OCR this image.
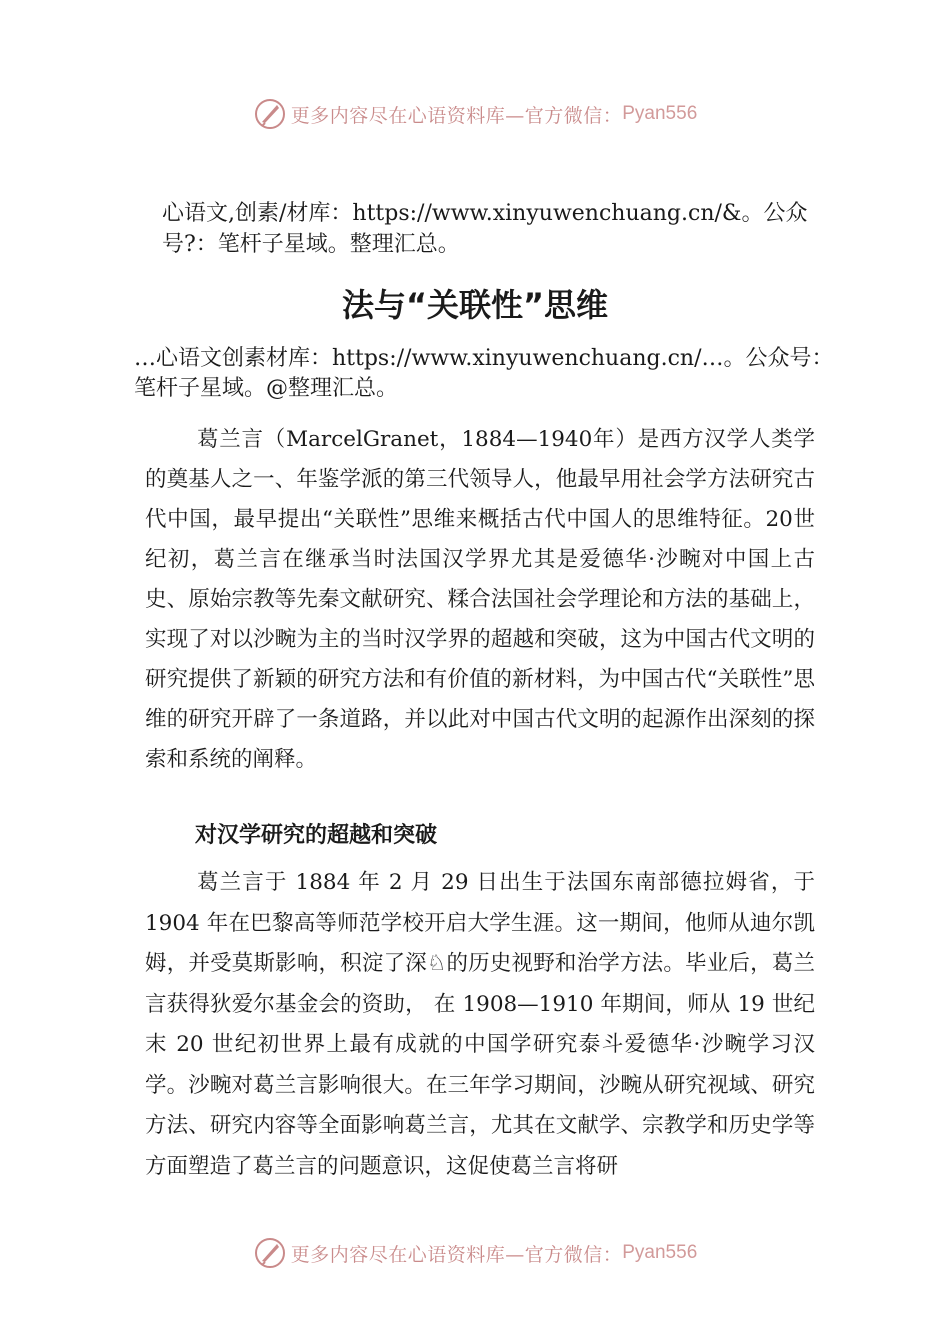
更多内容尽在心语资料库—官方微信： Pyan556
心语文,创素/材库：https://www.xinyuwenchuang.cn/&。公众号?：笔杆子星域。整理汇总。
法与“关联性”思维
…心语文创素材库：https://www.xinyuwenchuang.cn/…。公众号：笔杆子星域。@整理汇总。

葛兰言（MarcelGranet，1884—1940年）是西方汉学人类学的奠基人之一、年鉴学派的第三代领导人，他最早用社会学方法研究古代中国，最早提出“关联性”思维来概括古代中国人的思维特征。20世纪初，葛兰言在继承当时法国汉学界尤其是爱德华·沙畹对中国上古史、原始宗教等先秦文献研究、糅合法国社会学理论和方法的基础上，实现了对以沙畹为主的当时汉学界的超越和突破，这为中国古代文明的研究提供了新颖的研究方法和有价值的新材料，为中国古代“关联性”思维的研究开辟了一条道路，并以此对中国古代文明的起源作出深刻的探索和系统的阐释。

对汉学研究的超越和突破

葛兰言于 1884 年 2 月 29 日出生于法国东南部德拉姆省，于 1904 年在巴黎高等师范学校开启大学生涯。这一期间，他师从迪尔凯姆，并受莫斯影响，积淀了深♘的历史视野和治学方法。毕业后，葛兰言获得狄爱尔基金会的资助， 在 1908—1910 年期间，师从 19 世纪末 20 世纪初世界上最有成就的中国学研究泰斗爱德华·沙畹学习汉学。沙畹对葛兰言影响很大。在三年学习期间，沙畹从研究视域、研究方法、研究内容等全面影响葛兰言，尤其在文献学、宗教学和历史学等方面塑造了葛兰言的问题意识，这促使葛兰言将研

更多内容尽在心语资料库—官方微信： Pyan556
